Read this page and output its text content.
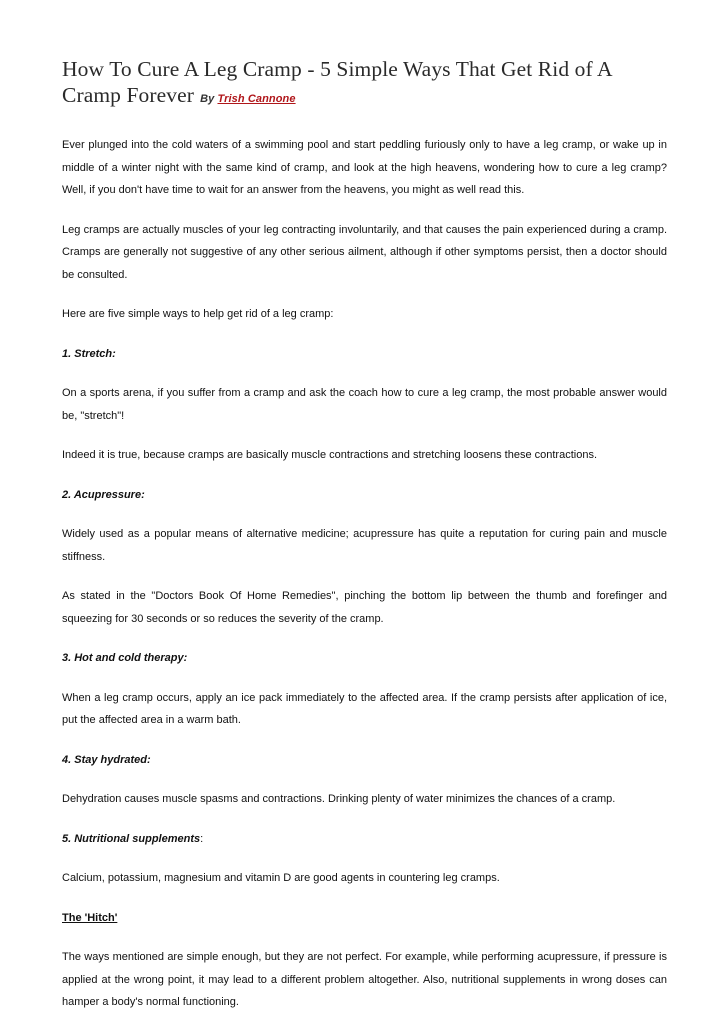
How To Cure A Leg Cramp - 5 Simple Ways That Get Rid of A Cramp Forever By Trish Cannone

Ever plunged into the cold waters of a swimming pool and start peddling furiously only to have a leg cramp, or wake up in middle of a winter night with the same kind of cramp, and look at the high heavens, wondering how to cure a leg cramp? Well, if you don't have time to wait for an answer from the heavens, you might as well read this.

Leg cramps are actually muscles of your leg contracting involuntarily, and that causes the pain experienced during a cramp. Cramps are generally not suggestive of any other serious ailment, although if other symptoms persist, then a doctor should be consulted.

Here are five simple ways to help get rid of a leg cramp:

1. Stretch:

On a sports arena, if you suffer from a cramp and ask the coach how to cure a leg cramp, the most probable answer would be, "stretch"!

Indeed it is true, because cramps are basically muscle contractions and stretching loosens these contractions.

2. Acupressure:

Widely used as a popular means of alternative medicine; acupressure has quite a reputation for curing pain and muscle stiffness.

As stated in the "Doctors Book Of Home Remedies", pinching the bottom lip between the thumb and forefinger and squeezing for 30 seconds or so reduces the severity of the cramp.

3. Hot and cold therapy:

When a leg cramp occurs, apply an ice pack immediately to the affected area. If the cramp persists after application of ice, put the affected area in a warm bath.

4. Stay hydrated:

Dehydration causes muscle spasms and contractions. Drinking plenty of water minimizes the chances of a cramp.

5. Nutritional supplements:

Calcium, potassium, magnesium and vitamin D are good agents in countering leg cramps.

The 'Hitch'

The ways mentioned are simple enough, but they are not perfect. For example, while performing acupressure, if pressure is applied at the wrong point, it may lead to a different problem altogether. Also, nutritional supplements in wrong doses can hamper a body's normal functioning.
